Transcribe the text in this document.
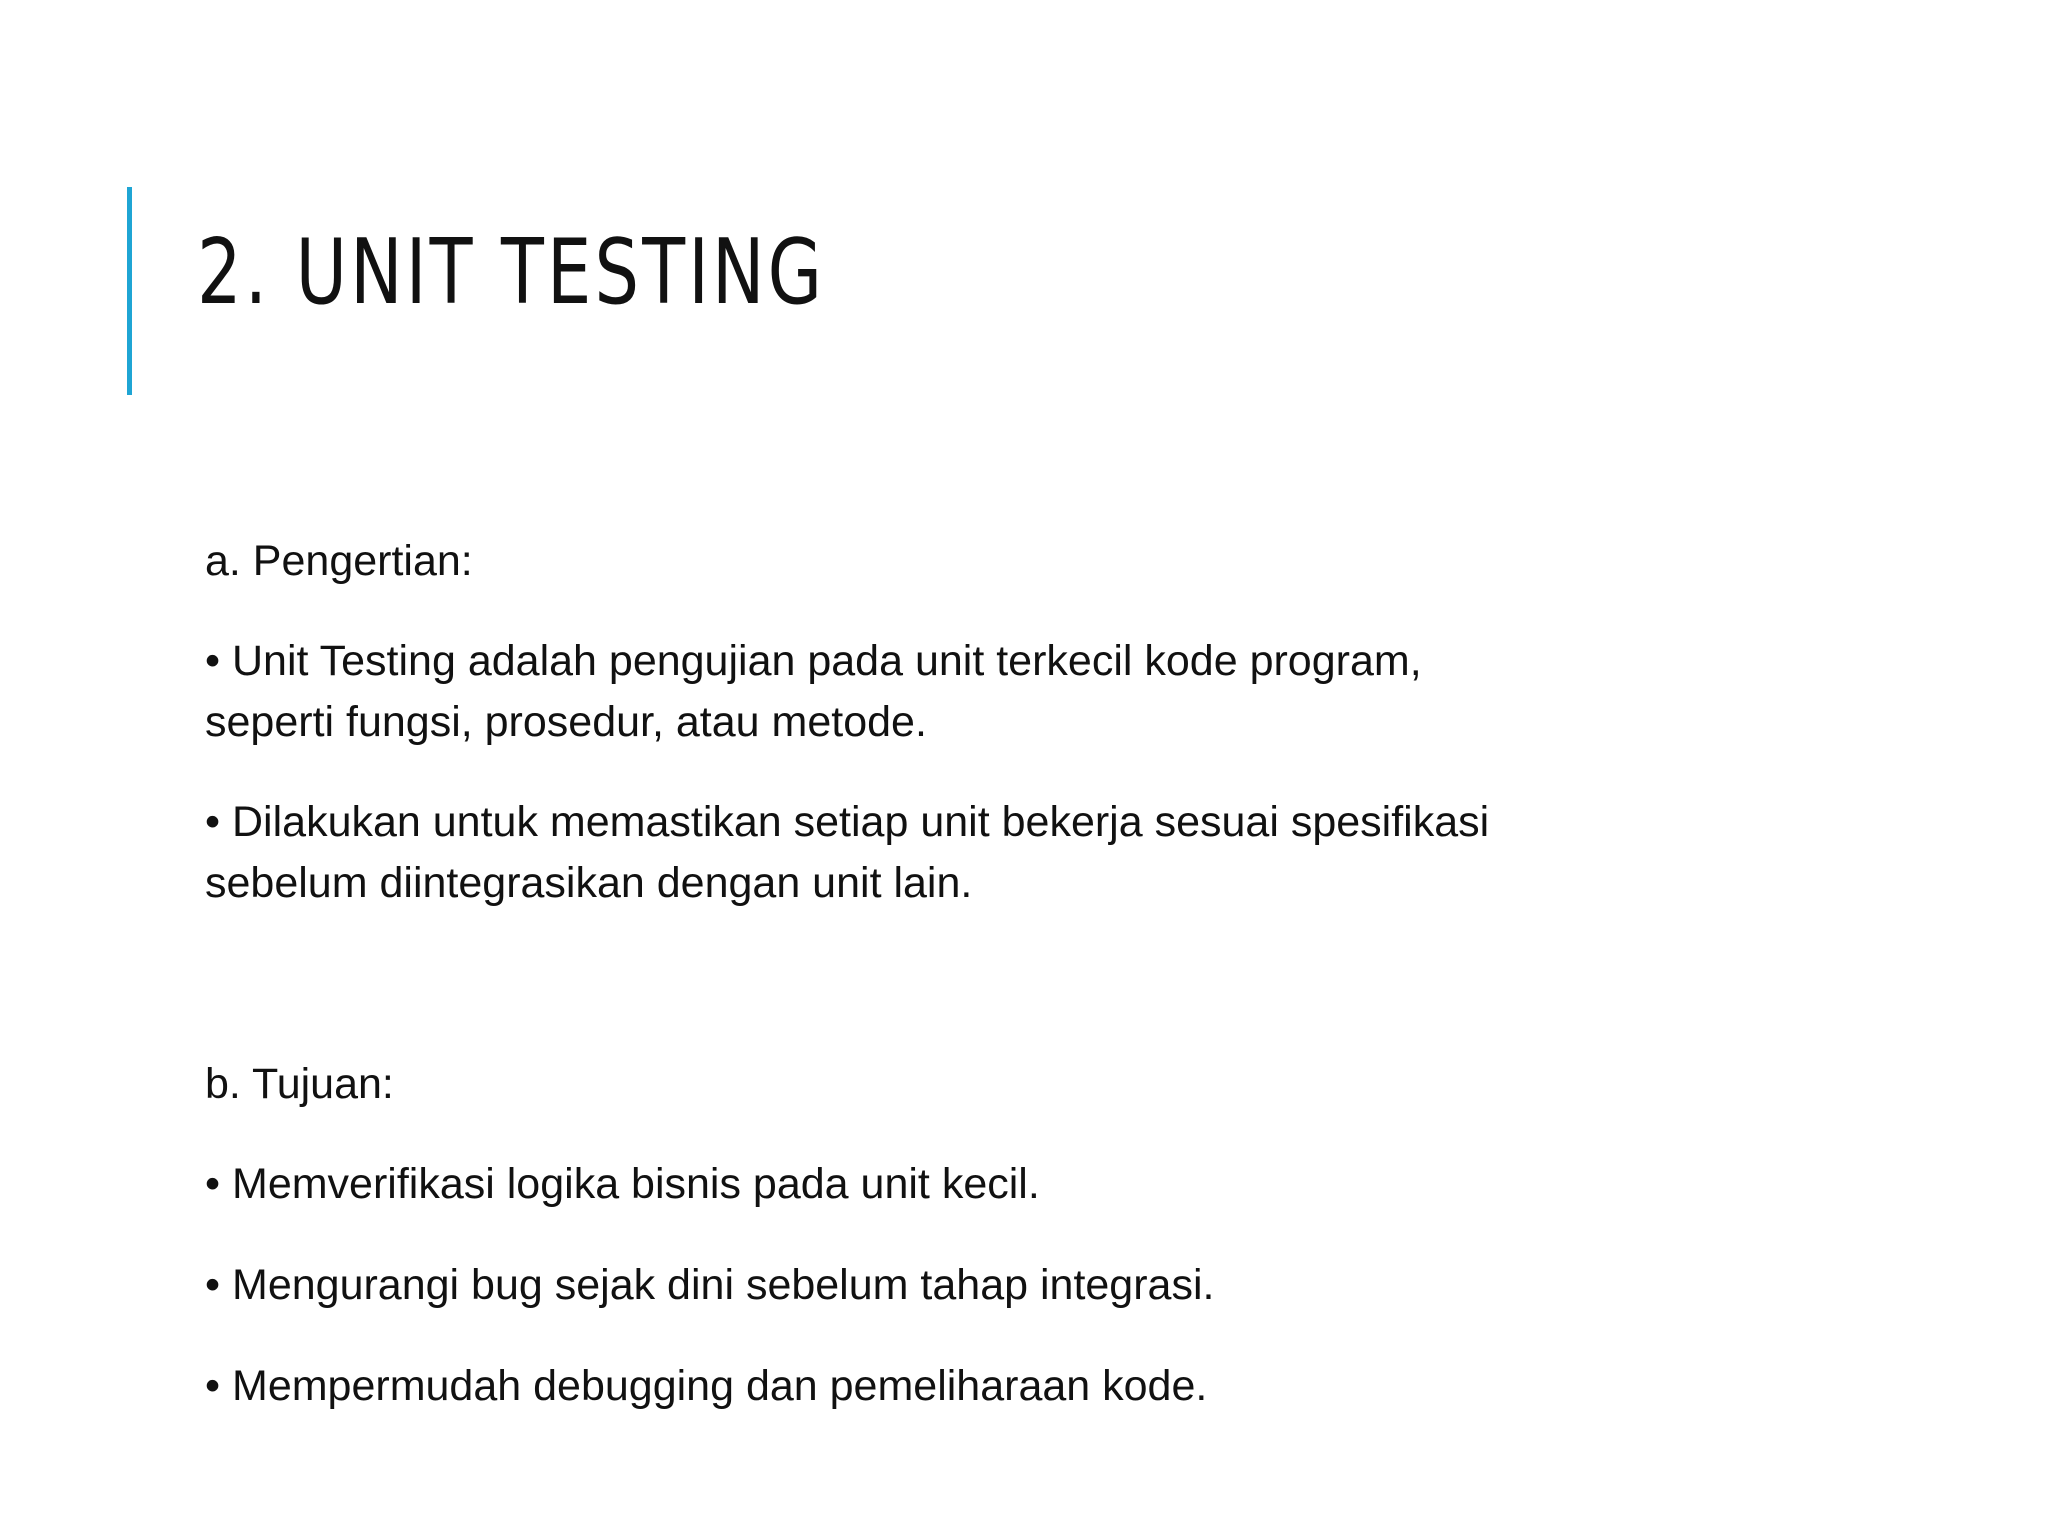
2. UNIT TESTING

a. Pengertian:

• Unit Testing adalah pengujian pada unit terkecil kode program,

seperti fungsi, prosedur, atau metode.

• Dilakukan untuk memastikan setiap unit bekerja sesuai spesifikasi

sebelum diintegrasikan dengan unit lain.

b. Tujuan:

• Memverifikasi logika bisnis pada unit kecil.

• Mengurangi bug sejak dini sebelum tahap integrasi.

• Mempermudah debugging dan pemeliharaan kode.
